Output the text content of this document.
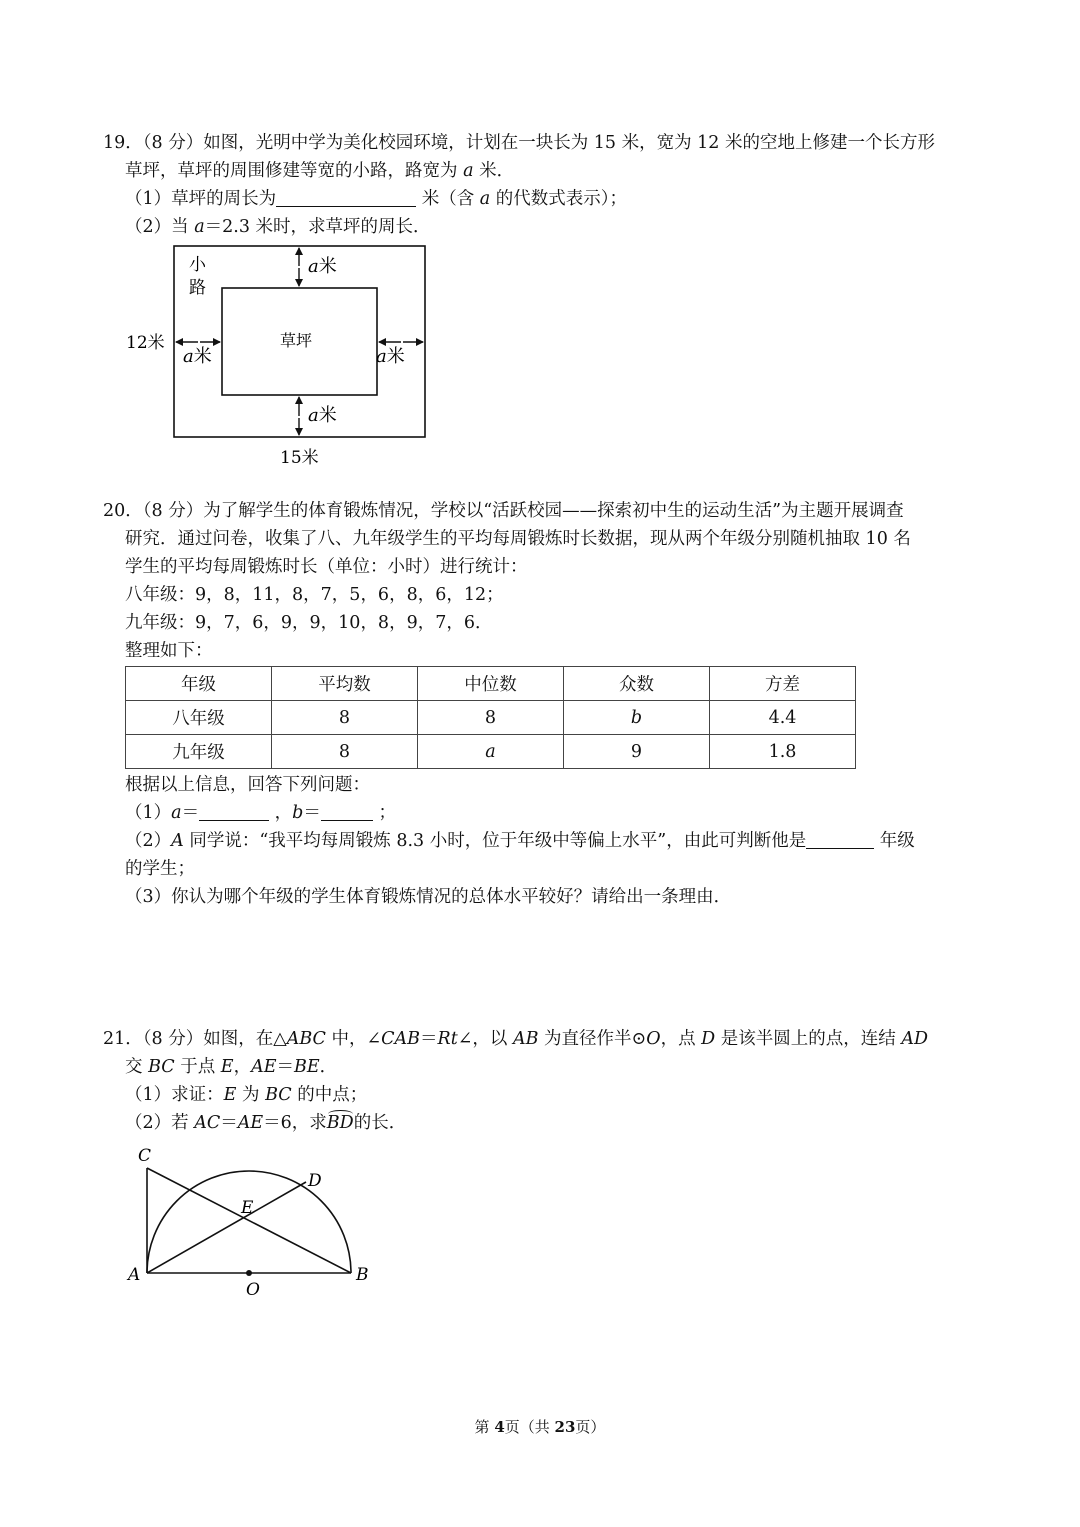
19．（8 分）如图，光明中学为美化校园环境，计划在一块长为 15 米，宽为 12 米的空地上修建一个长方形
草坪，草坪的周围修建等宽的小路，路宽为 a 米．
（1）草坪的周长为	米（含 a 的代数式表示）；
（2）当 a＝2.3 米时，求草坪的周长．
小
路
草坪
a米
a米
a米	a米
12米
15米
20．（8 分）为了解学生的体育锻炼情况，学校以“活跃校园——探索初中生的运动生活”为主题开展调查
研究．通过问卷，收集了八、九年级学生的平均每周锻炼时长数据，现从两个年级分别随机抽取 10 名
学生的平均每周锻炼时长（单位：小时）进行统计：
八年级：9，8，11，8，7，5，6，8，6，12；
九年级：9，7，6，9，9，10，8，9，7，6．
整理如下：
年级	平均数	中位数	众数	方差
八年级	8	8	b	4.4
九年级	8	a	9	1.8
根据以上信息，回答下列问题：
（1）a＝	，b＝	；
（2）A 同学说：“我平均每周锻炼 8.3 小时，位于年级中等偏上水平”，由此可判断他是	年级
的学生；
（3）你认为哪个年级的学生体育锻炼情况的总体水平较好？请给出一条理由．
21．（8 分）如图，在△ABC 中，∠CAB＝Rt∠，以 AB 为直径作半⊙O，点 D 是该半圆上的点，连结 AD
交 BC 于点 E，AE＝BE．
（1）求证：E 为 BC 的中点；
（2）若 AC＝AE＝6，求
BD的长．
C
D
E
A
O
B
第 4页（共 23页）
